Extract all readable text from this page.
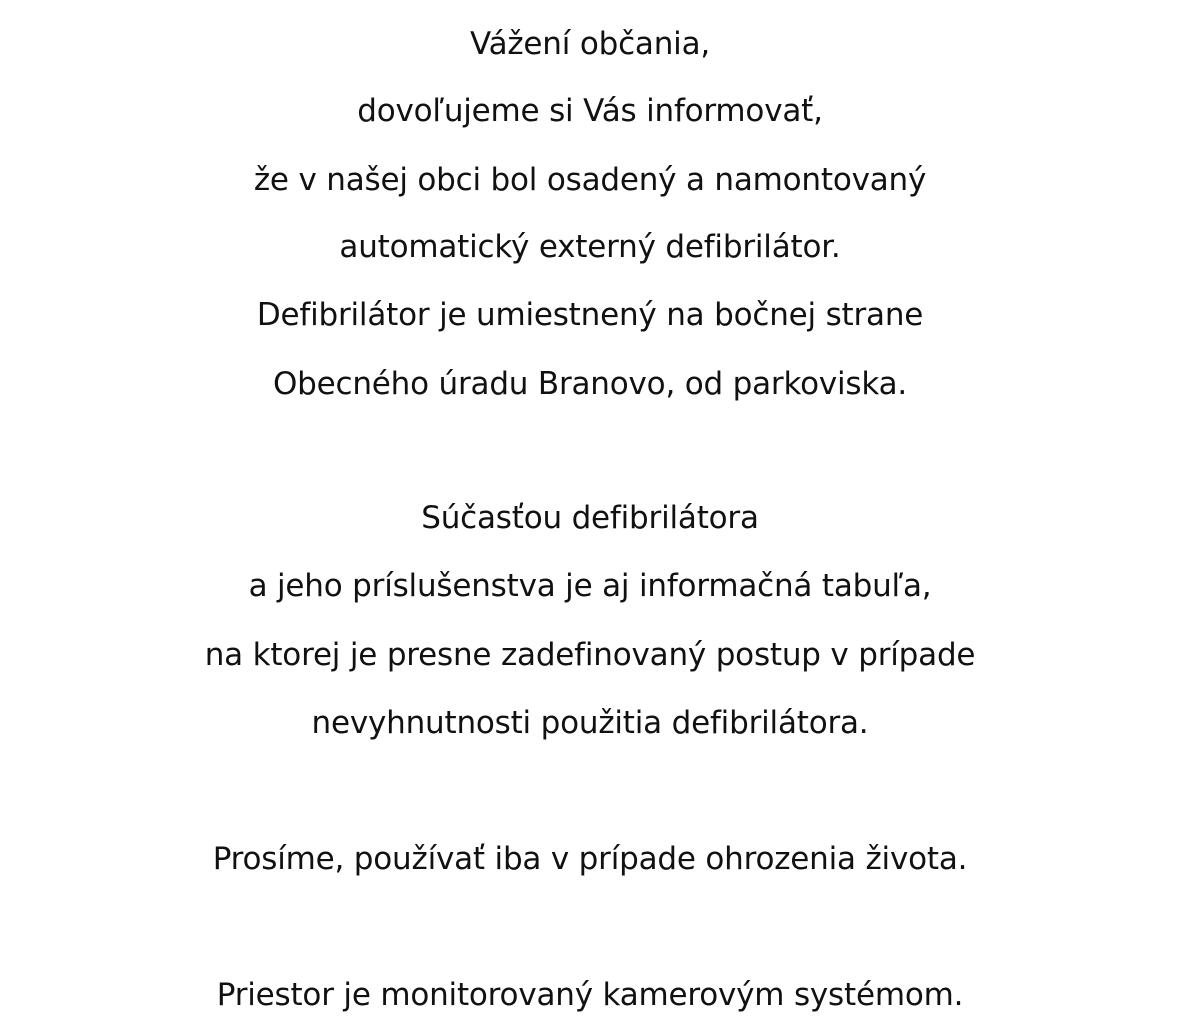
Vážení občania,
dovoľujeme si Vás informovať,
že v našej obci bol osadený a namontovaný
automatický externý defibrilátor.
Defibrilátor je umiestnený na bočnej strane
Obecného úradu Branovo, od parkoviska.
Súčasťou defibrilátora
a jeho príslušenstva je aj informačná tabuľa,
na ktorej je presne zadefinovaný postup v prípade
nevyhnutnosti použitia defibrilátora.
Prosíme, používať iba v prípade ohrozenia života.
Priestor je monitorovaný kamerovým systémom.
